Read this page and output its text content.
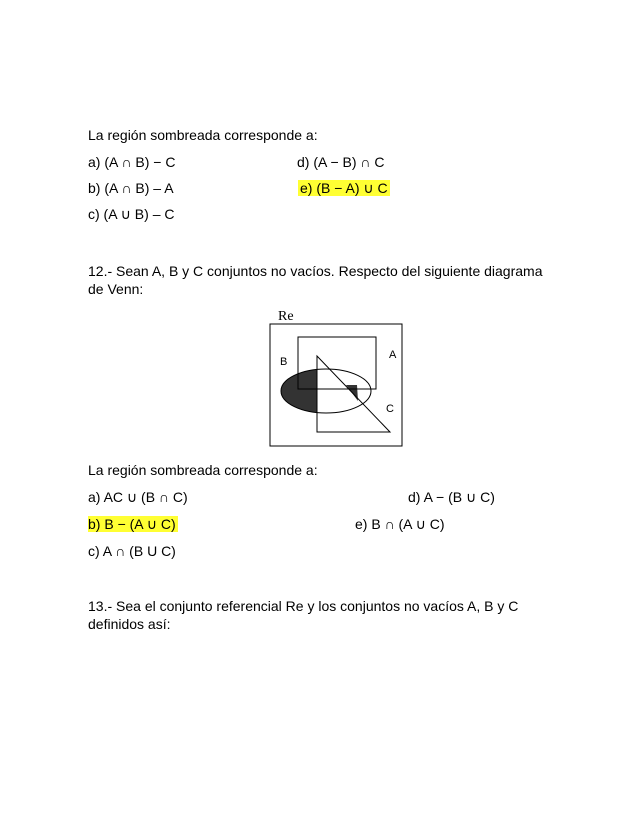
La región sombreada corresponde a:
a) (A ∩ B) − C	d) (A − B) ∩ C
b) (A ∩ B) – A	e) (B − A) ∪ C
c) (A ∪ B) – C
12.- Sean A, B y C conjuntos no vacíos. Respecto del siguiente diagrama
de Venn:
Re
B
A
C
La región sombreada corresponde a:
a) AC ∪ (B ∩ C)	d) A − (B ∪ C)
b) B − (A ∪ C)	e) B ∩ (A ∪ C)
c) A ∩ (B U C)
13.- Sea el conjunto referencial Re y los conjuntos no vacíos A, B y C
definidos así:
